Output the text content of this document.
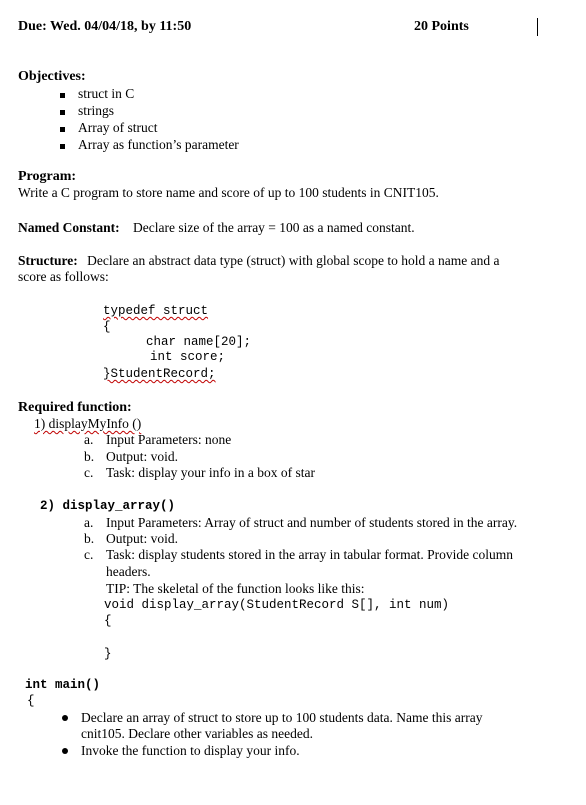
Due: Wed. 04/04/18, by 11:50	20 Points
Objectives:
struct in C
strings
Array of struct
Array as function’s parameter
Program:
Write a C program to store name and score of up to 100 students in CNIT105.
Named Constant: Declare size of the array = 100 as a named constant.
Structure: Declare an abstract data type (struct) with global scope to hold a name and a
score as follows:
typedef struct
{
char name[20];
int score;
}StudentRecord;
Required function:
1) displayMyInfo ()
a. Input Parameters: none
b. Output: void.
c. Task: display your info in a box of star
2) display_array()
a. Input Parameters: Array of struct and number of students stored in the array.
b. Output: void.
c. Task: display students stored in the array in tabular format. Provide column
headers.
TIP: The skeletal of the function looks like this:
void display_array(StudentRecord S[], int num)
{
}
int main()
{
Declare an array of struct to store up to 100 students data. Name this array
cnit105. Declare other variables as needed.
Invoke the function to display your info.
